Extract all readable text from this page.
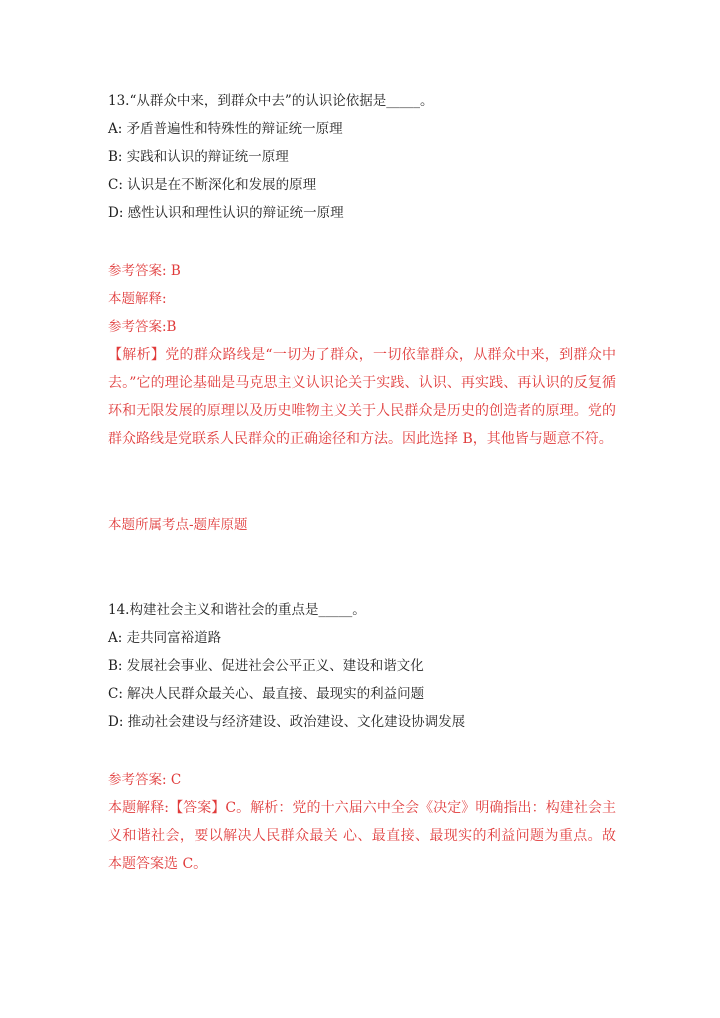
13.“从群众中来，到群众中去”的认识论依据是_____。

A: 矛盾普遍性和特殊性的辩证统一原理

B: 实践和认识的辩证统一原理

C: 认识是在不断深化和发展的原理

D: 感性认识和理性认识的辩证统一原理

参考答案: B

本题解释:

参考答案:B

【解析】党的群众路线是“一切为了群众，一切依靠群众，从群众中来，到群众中去。”它的理论基础是马克思主义认识论关于实践、认识、再实践、再认识的反复循环和无限发展的原理以及历史唯物主义关于人民群众是历史的创造者的原理。党的群众路线是党联系人民群众的正确途径和方法。因此选择 B，其他皆与题意不符。

本题所属考点-题库原题

14.构建社会主义和谐社会的重点是_____。

A: 走共同富裕道路

B: 发展社会事业、促进社会公平正义、建设和谐文化

C: 解决人民群众最关心、最直接、最现实的利益问题

D: 推动社会建设与经济建设、政治建设、文化建设协调发展

参考答案: C

本题解释:【答案】C。解析：党的十六届六中全会《决定》明确指出：构建社会主义和谐社会，要以解决人民群众最关 心、最直接、最现实的利益问题为重点。故本题答案选 C。
